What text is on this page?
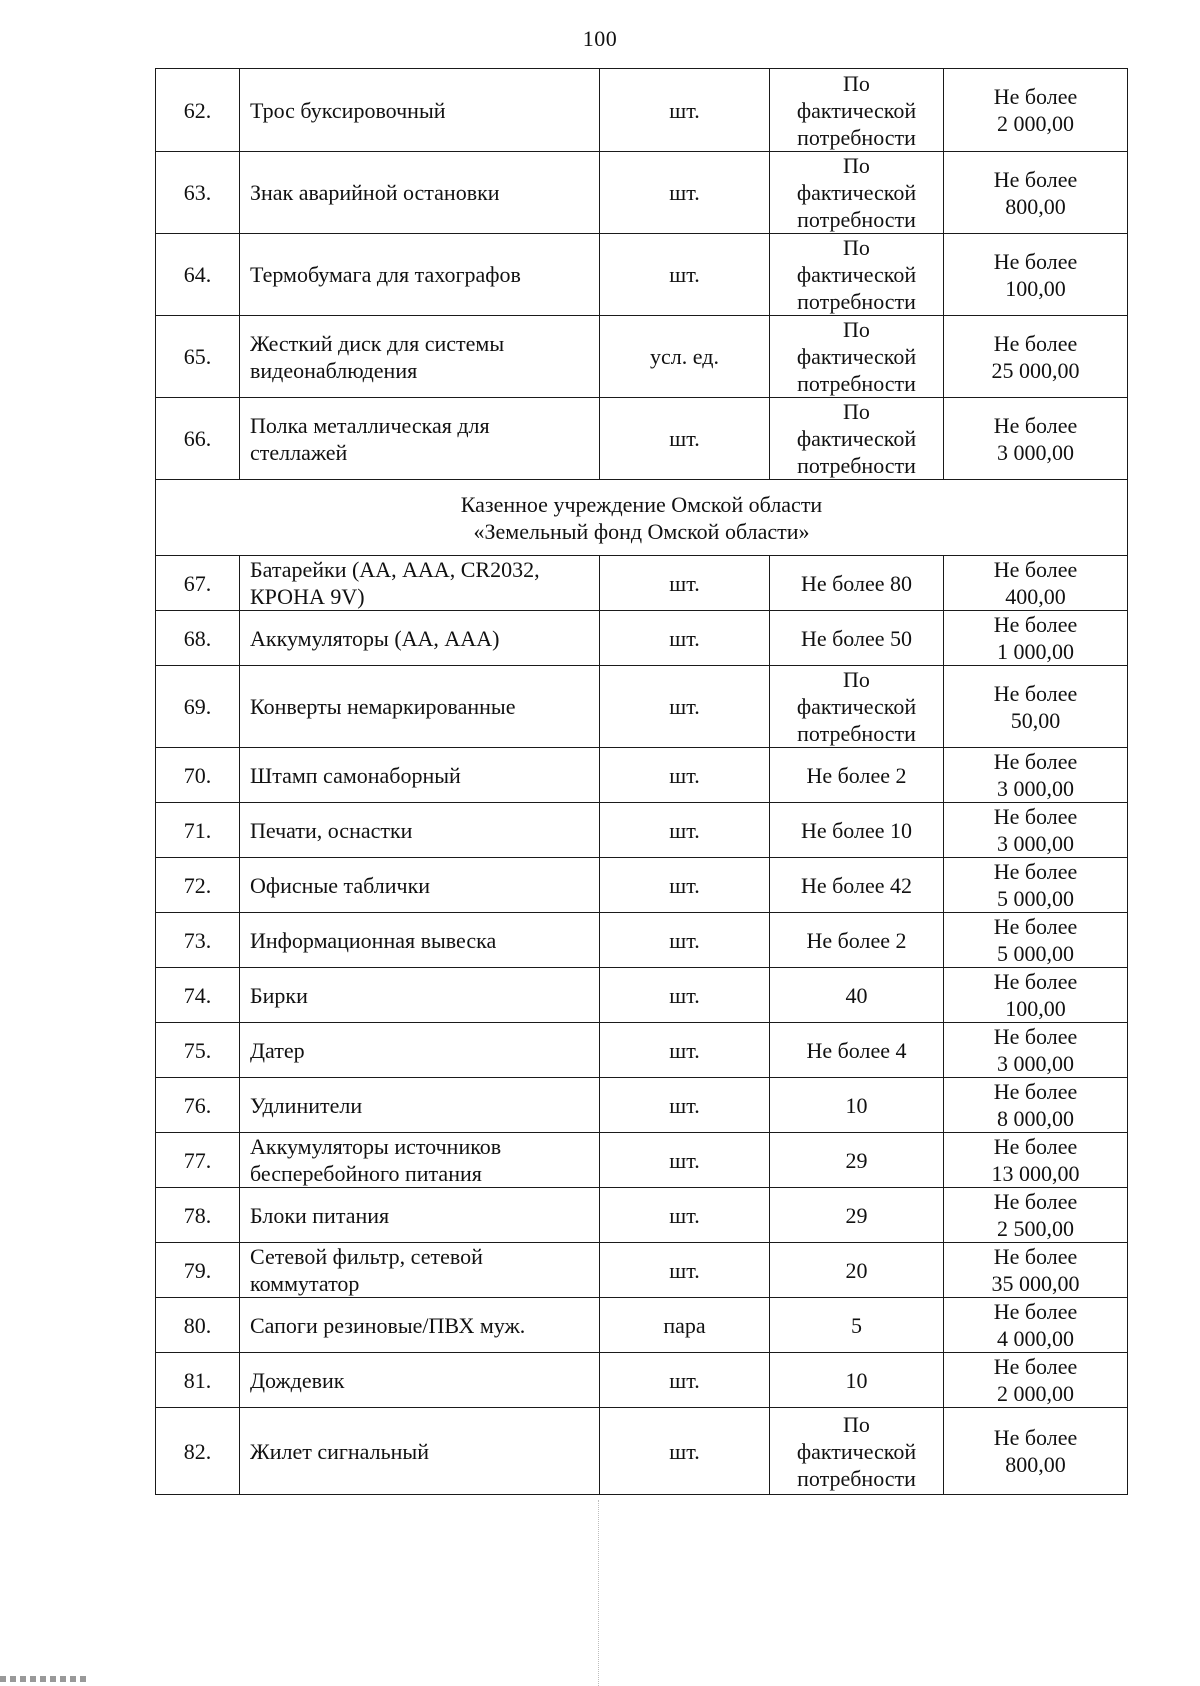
100
62.	Трос буксировочный	шт.	По
фактической
потребности	Не более
2 000,00

63.	Знак аварийной остановки	шт.	По
фактической
потребности	Не более
800,00

64.	Термобумага для тахографов	шт.	По
фактической
потребности	Не более
100,00

65.	Жесткий диск для системы
видеонаблюдения	усл. ед.	По
фактической
потребности	Не более
25 000,00

66.	Полка металлическая для
стеллажей	шт.	По
фактической
потребности	Не более
3 000,00

Казенное учреждение Омской области
«Земельный фонд Омской области»				

67.	Батарейки (АА, ААА, CR2032,
КРОНА 9V)	шт.	Не более 80	Не более
400,00

68.	Аккумуляторы (АА, ААА)	шт.	Не более 50	Не более
1 000,00

69.	Конверты немаркированные	шт.	По
фактической
потребности	Не более
50,00

70.	Штамп самонаборный	шт.	Не более 2	Не более
3 000,00

71.	Печати, оснастки	шт.	Не более 10	Не более
3 000,00

72.	Офисные таблички	шт.	Не более 42	Не более
5 000,00

73.	Информационная вывеска	шт.	Не более 2	Не более
5 000,00

74.	Бирки	шт.	40	Не более
100,00

75.	Датер	шт.	Не более 4	Не более
3 000,00

76.	Удлинители	шт.	10	Не более
8 000,00

77.	Аккумуляторы источников
бесперебойного питания	шт.	29	Не более
13 000,00

78.	Блоки питания	шт.	29	Не более
2 500,00

79.	Сетевой фильтр, сетевой
коммутатор	шт.	20	Не более
35 000,00

80.	Сапоги резиновые/ПВХ муж.	пара	5	Не более
4 000,00

81.	Дождевик	шт.	10	Не более
2 000,00

82.	Жилет сигнальный	шт.	По
фактической
потребности	Не более
800,00
